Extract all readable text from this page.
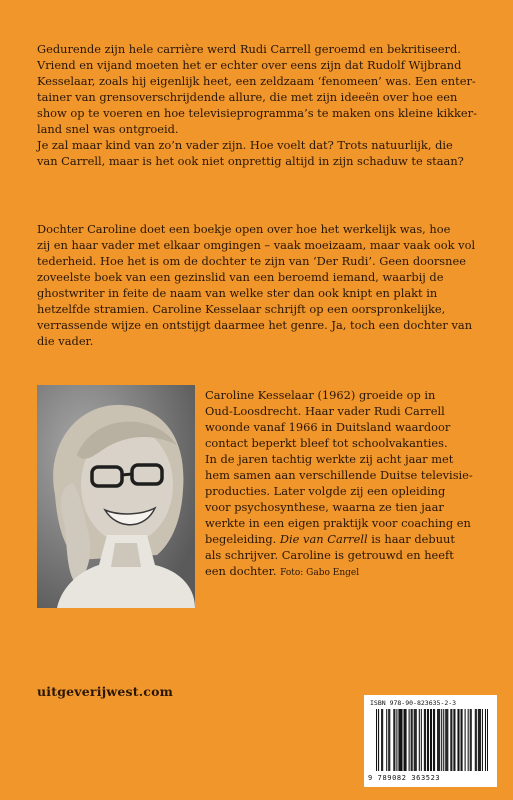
Gedurende zijn hele carrière werd Rudi Carrell geroemd en bekritiseerd.
Vriend en vijand moeten het er echter over eens zijn dat Rudolf Wijbrand
Kesselaar, zoals hij eigenlijk heet, een zeldzaam ‘fenomeen’ was. Een enter-
tainer van grensoverschrijdende allure, die met zijn ideeën over hoe een
show op te voeren en hoe televisieprogramma’s te maken ons kleine kikker-
land snel was ontgroeid.
Je zal maar kind van zo’n vader zijn. Hoe voelt dat? Trots natuurlijk, die
van Carrell, maar is het ook niet onprettig altijd in zijn schaduw te staan?

Dochter Caroline doet een boekje open over hoe het werkelijk was, hoe
zij en haar vader met elkaar omgingen – vaak moeizaam, maar vaak ook vol
tederheid. Hoe het is om de dochter te zijn van ‘Der Rudi’. Geen doorsnee
zoveelste boek van een gezinslid van een beroemd iemand, waarbij de
ghostwriter in feite de naam van welke ster dan ook knipt en plakt in
hetzelfde stramien. Caroline Kesselaar schrijft op een oorspronkelijke,
verrassende wijze en ontstijgt daarmee het genre. Ja, toch een dochter van
die vader.

Caroline Kesselaar (1962) groeide op in
Oud-Loosdrecht. Haar vader Rudi Carrell
woonde vanaf 1966 in Duitsland waardoor
contact beperkt bleef tot schoolvakanties.
In de jaren tachtig werkte zij acht jaar met
hem samen aan verschillende Duitse televisie-
producties. Later volgde zij een opleiding
voor psychosynthese, waarna ze tien jaar
werkte in een eigen praktijk voor coaching en
begeleiding. Die van Carrell is haar debuut
als schrijver. Caroline is getrouwd en heeft
een dochter. Foto: Gabo Engel

uitgeverijwest.com
ISBN 978-90-823635-2-3
9 789082 363523
